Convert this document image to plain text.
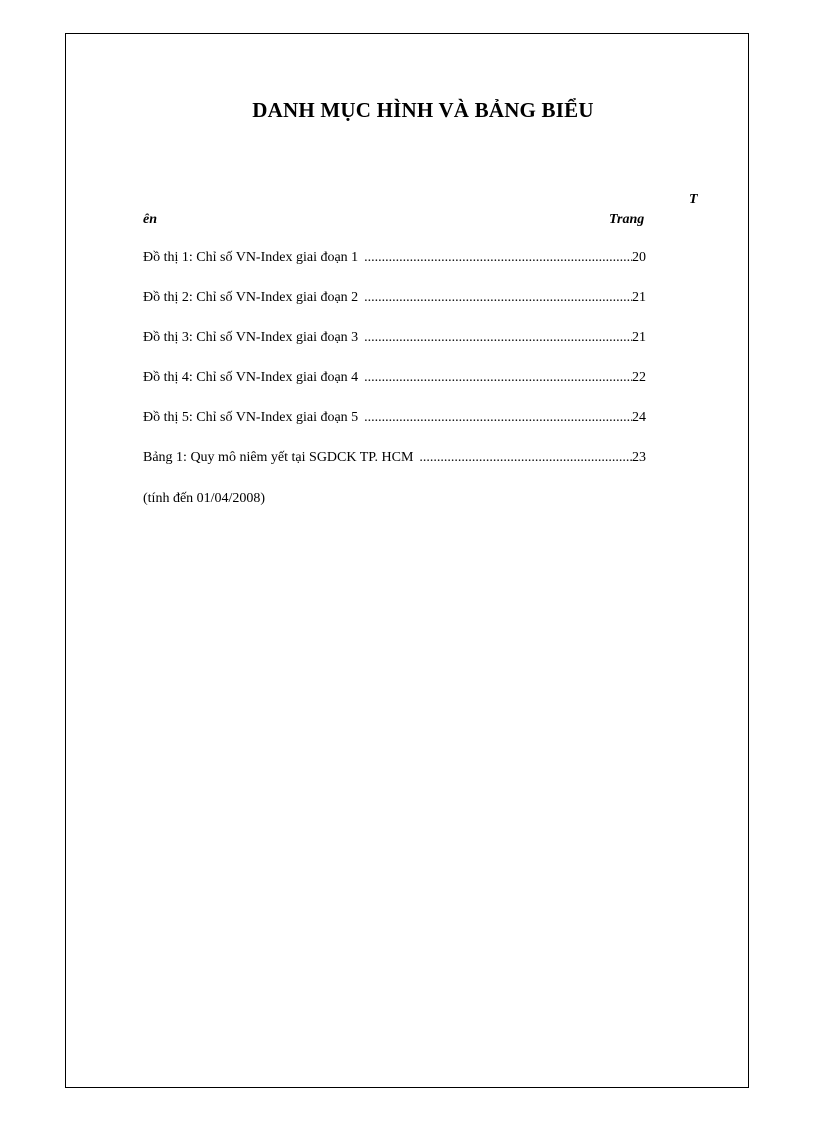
DANH MỤC HÌNH VÀ BẢNG BIỂU
T
ên	Trang
Đồ thị 1: Chỉ số VN-Index giai đoạn 1 .....	20
Đồ thị 2: Chỉ số VN-Index giai đoạn 2 .....	21
Đồ thị 3: Chỉ số VN-Index giai đoạn 3 .....	21
Đồ thị 4: Chỉ số VN-Index giai đoạn 4 .....	22
Đồ thị 5: Chỉ số VN-Index giai đoạn 5 .....	24
Bảng 1: Quy mô niêm yết tại SGDCK TP. HCM .....	23
(tính đến 01/04/2008)
